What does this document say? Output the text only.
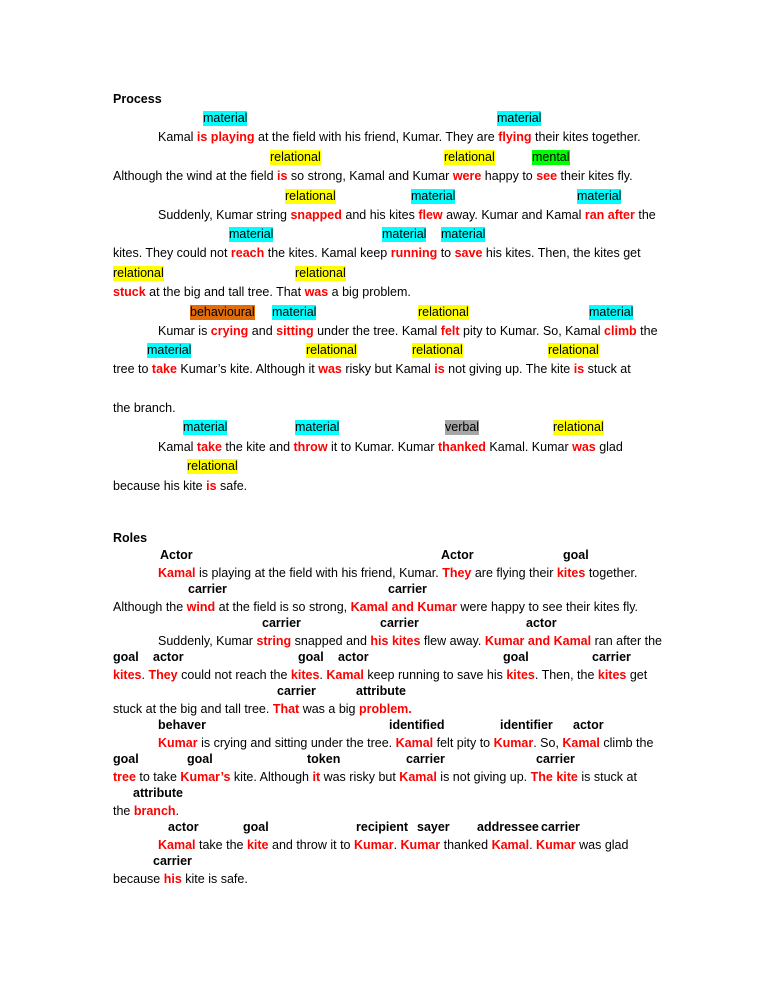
Process
material	material
Kamal is playing at the field with his friend, Kumar. They are flying their kites together.
relational	relational	mental
Although the wind at the field is so strong, Kamal and Kumar were happy to see their kites fly.
relational	material	material
Suddenly, Kumar string snapped and his kites flew away. Kumar and Kamal ran after the
material	material material
kites. They could not reach the kites. Kamal keep running to save his kites. Then, the kites get
relational	relational
stuck at the big and tall tree. That was a big problem.
behavioural material	relational	material
Kumar is crying and sitting under the tree. Kamal felt pity to Kumar. So, Kamal climb the
material	relational	relational	relational
tree to take Kumar’s kite. Although it was risky but Kamal is not giving up. The kite is stuck at
the branch.
material	material	verbal	relational
Kamal take the kite and throw it to Kumar. Kumar thanked Kamal. Kumar was glad
relational
because his kite is safe.
Roles
Actor	Actor	goal
Kamal is playing at the field with his friend, Kumar. They are flying their kites together.
carrier	carrier
Although the wind at the field is so strong, Kamal and Kumar were happy to see their kites fly.
carrier	carrier	actor
Suddenly, Kumar string snapped and his kites flew away. Kumar and Kamal ran after the
goal actor	goal actor	goal	carrier
kites. They could not reach the kites. Kamal keep running to save his kites. Then, the kites get
carrier	attribute
stuck at the big and tall tree. That was a big problem.
behaver	identified	identifier actor
Kumar is crying and sitting under the tree. Kamal felt pity to Kumar. So, Kamal climb the
goal	goal	token	carrier	carrier
tree to take Kumar’s kite. Although it was risky but Kamal is not giving up. The kite is stuck at
attribute
the branch.
actor	goal	recipient sayer addressee carrier
Kamal take the kite and throw it to Kumar. Kumar thanked Kamal. Kumar was glad
carrier
because his kite is safe.
